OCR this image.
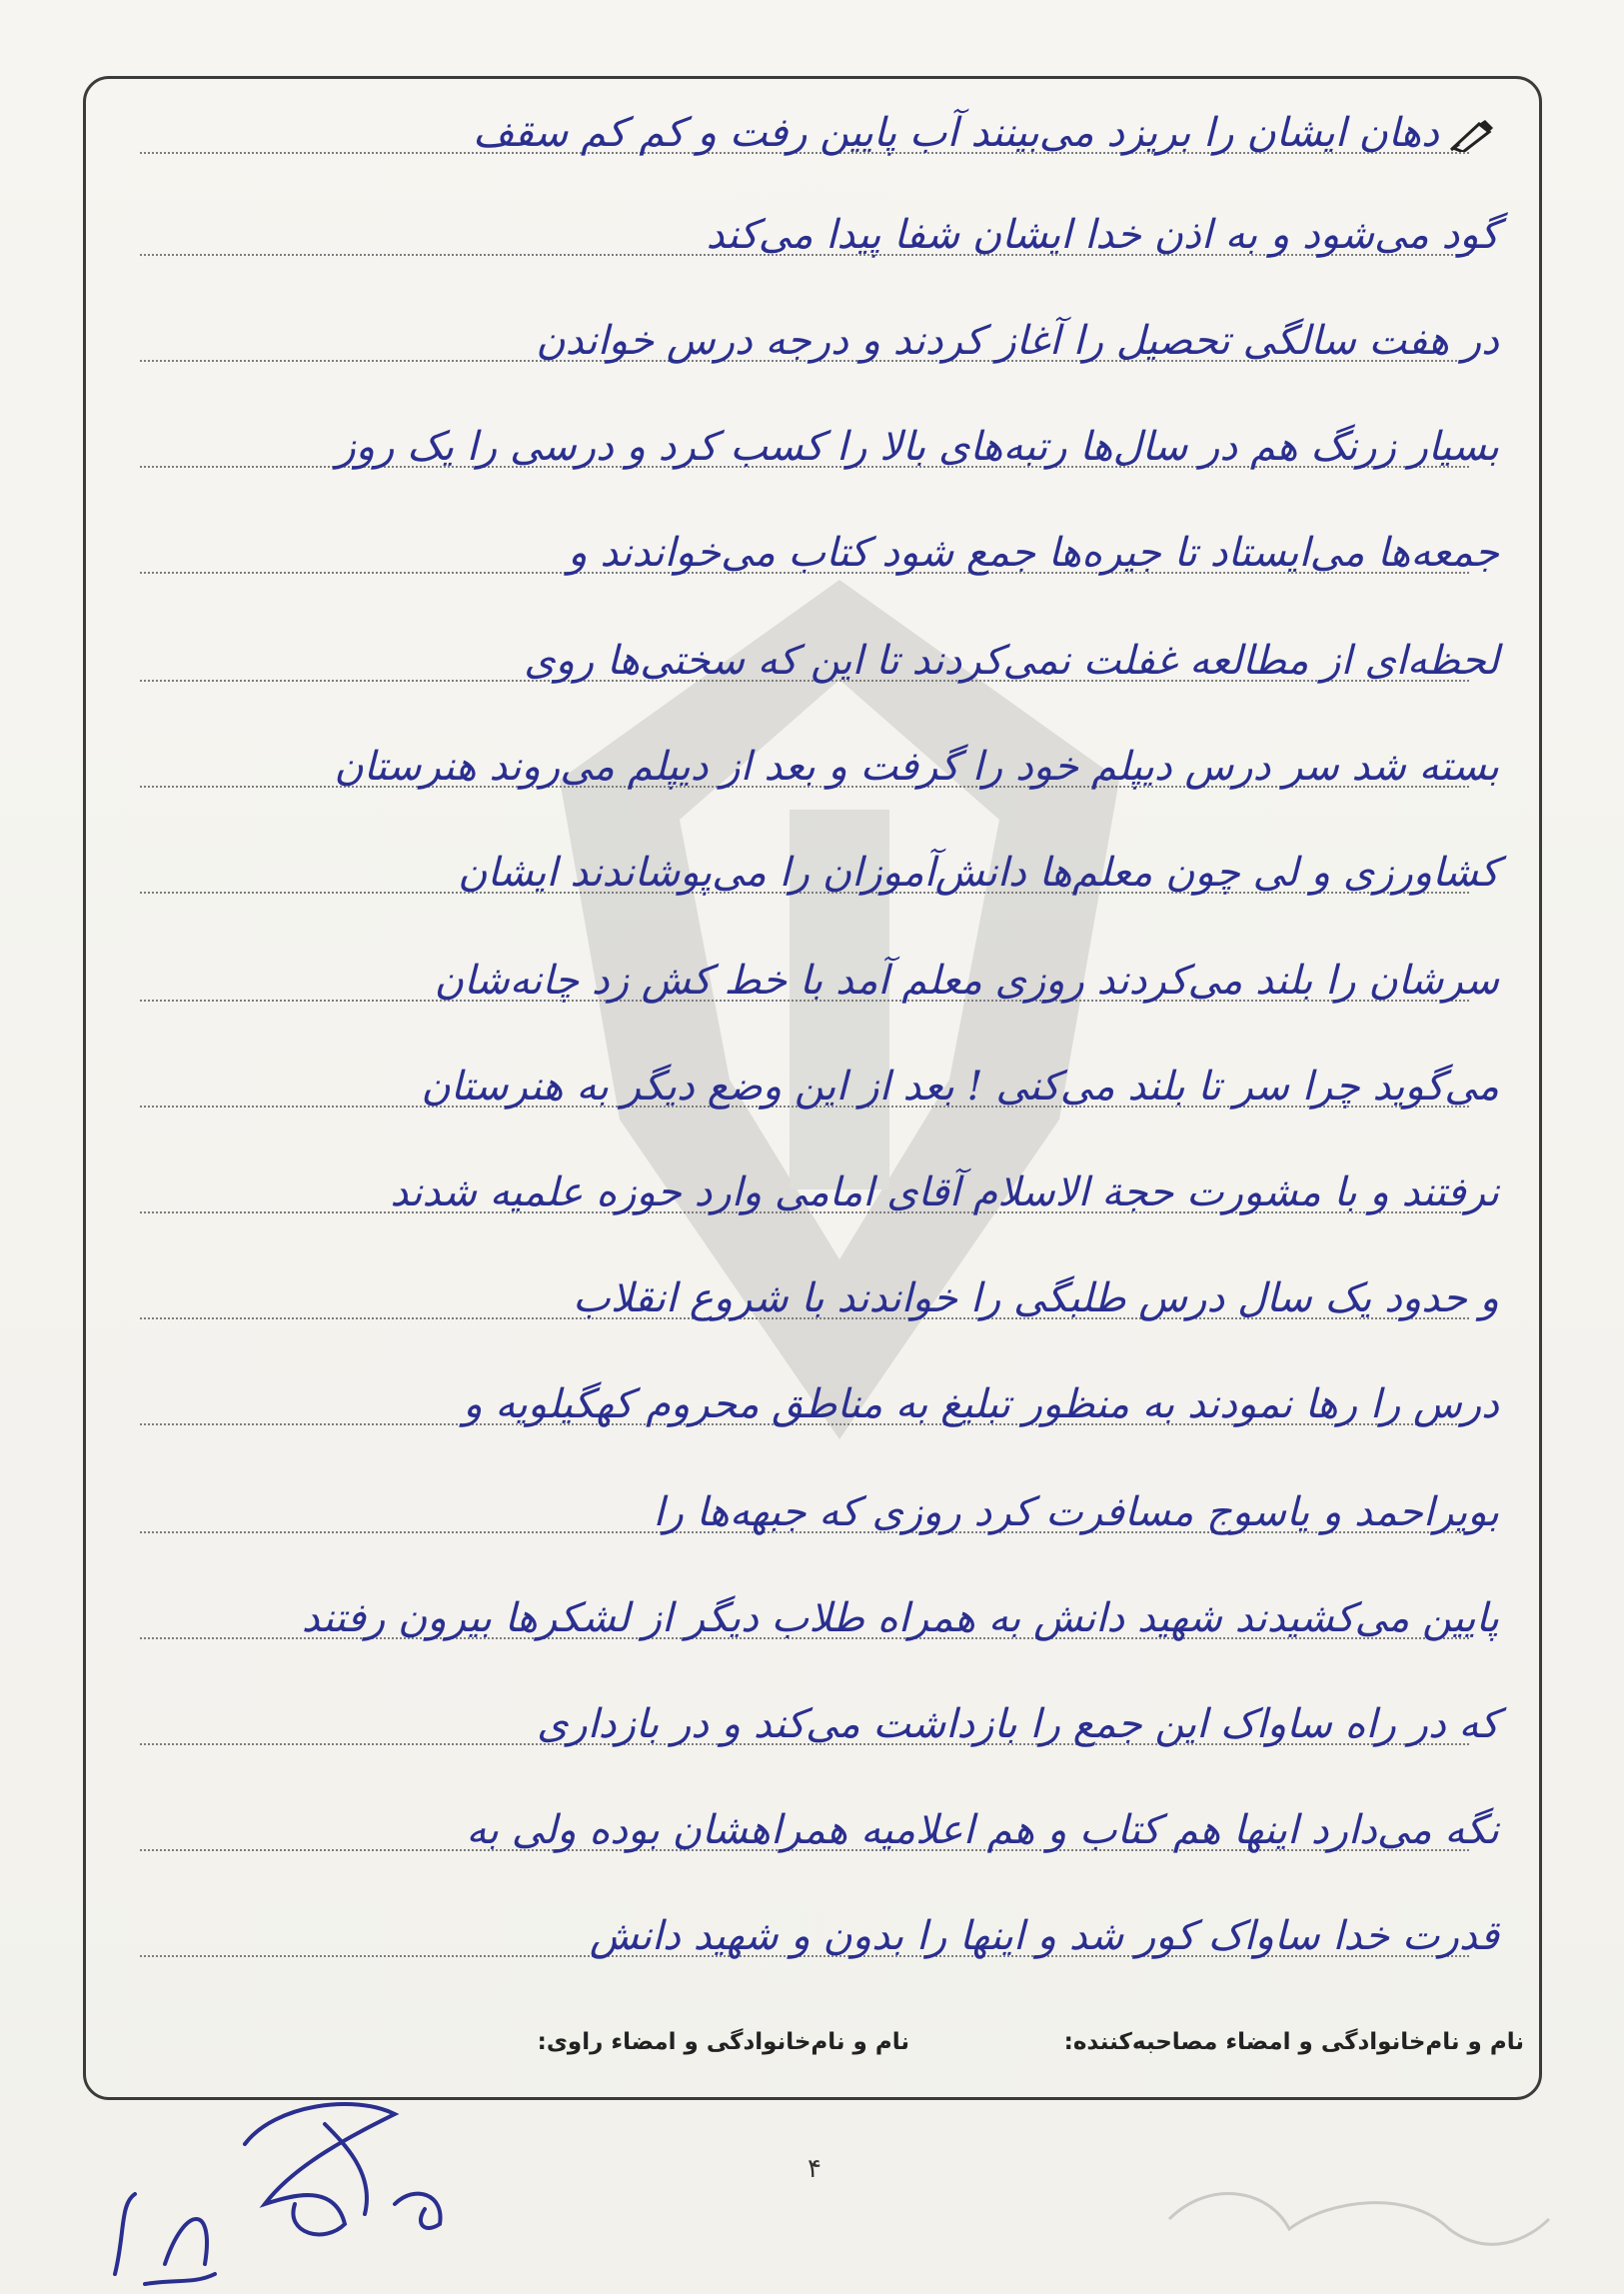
دهان ایشان را بریزد می‌بینند آب پایین رفت و کم کم سقف
گود می‌شود و به اذن خدا ایشان شفا پیدا می‌کند
در هفت سالگی تحصیل را آغاز کردند و درجه درس خواندن
بسیار زرنگ هم در سال‌ها رتبه‌های بالا را کسب کرد و درسی را یک روز
جمعه‌ها می‌ایستاد تا جیره‌ها جمع شود کتاب می‌خواندند و
لحظه‌ای از مطالعه غفلت نمی‌کردند تا این که سختی‌ها روی
بسته شد سر درس دیپلم خود را گرفت و بعد از دیپلم می‌روند هنرستان
کشاورزی و لی چون معلم‌ها دانش‌آموزان را می‌پوشاندند ایشان
سرشان را بلند می‌کردند روزی معلم آمد با خط کش زد چانه‌شان
می‌گوید چرا سر تا بلند می‌کنی ! بعد از این وضع دیگر به هنرستان
نرفتند و با مشورت حجة الاسلام آقای امامی وارد حوزه علمیه شدند
و حدود یک سال درس طلبگی را خواندند با شروع انقلاب
درس را رها نمودند به منظور تبلیغ به مناطق محروم کهگیلویه و
بویراحمد و یاسوج مسافرت کرد روزی که جبهه‌ها را
پایین می‌کشیدند شهید دانش به همراه طلاب دیگر از لشکرها بیرون رفتند
که در راه ساواک این جمع را بازداشت می‌کند و در بازداری
نگه می‌دارد اینها هم کتاب و هم اعلامیه همراهشان بوده ولی به
قدرت خدا ساواک کور شد و اینها را بدون و شهید دانش
نام و نام‌خانوادگی و امضاء مصاحبه‌کننده:
نام و نام‌خانوادگی و امضاء راوی:
۴
